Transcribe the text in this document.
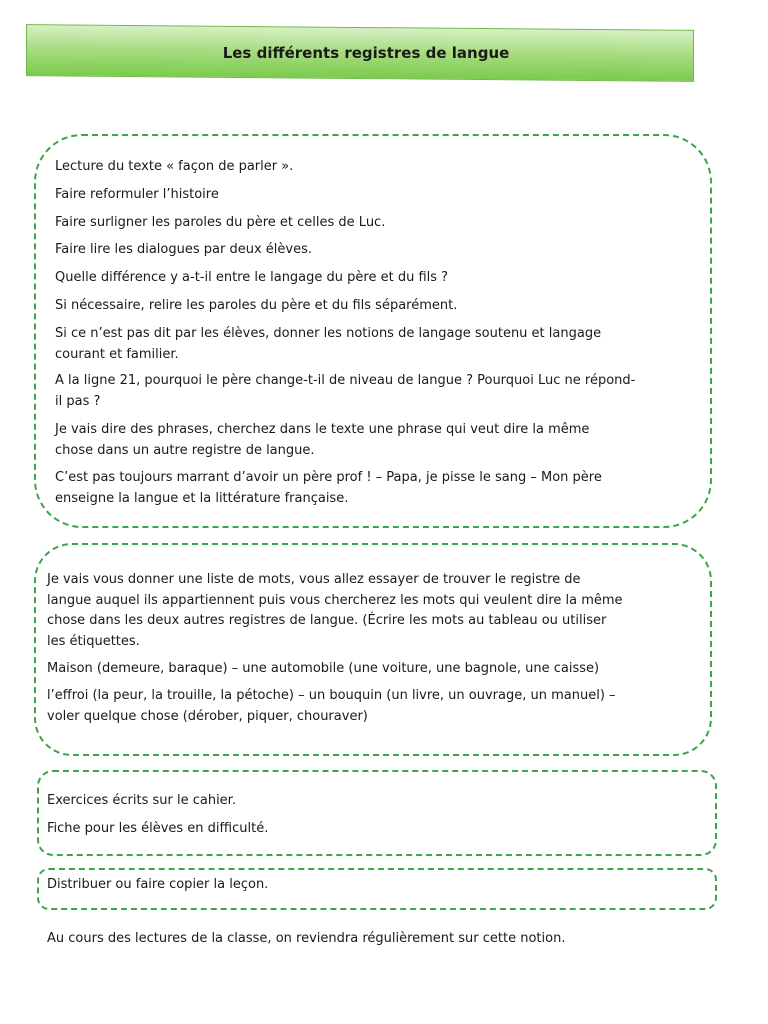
Les différents registres de langue
Lecture du texte « façon de parler ».
Faire reformuler l’histoire
Faire surligner les paroles du père et celles de Luc.
Faire lire les dialogues par deux élèves.
Quelle différence y a-t-il entre le langage du père et du fils ?
Si nécessaire, relire les paroles du père et du fils séparément.
Si ce n’est pas dit par les élèves, donner les notions de langage soutenu et langage
courant et familier.
A la ligne 21, pourquoi le père change-t-il de niveau de langue ? Pourquoi Luc ne répond-
il pas ?
Je vais dire des phrases, cherchez dans le texte une phrase qui veut dire la même
chose dans un autre registre de langue.
C’est pas toujours marrant d’avoir un père prof ! – Papa, je pisse le sang – Mon père
enseigne la langue et la littérature française.
Je vais vous donner une liste de mots, vous allez essayer de trouver le registre de
langue auquel ils appartiennent puis vous chercherez les mots qui veulent dire la même
chose dans les deux autres registres de langue. (Écrire les mots au tableau ou utiliser
les étiquettes.
Maison (demeure, baraque) – une automobile (une voiture, une bagnole, une caisse)
l’effroi (la peur, la trouille, la pétoche) – un bouquin (un livre, un ouvrage, un manuel) –
voler quelque chose (dérober, piquer, chouraver)
Exercices écrits sur le cahier.
Fiche pour les élèves en difficulté.
Distribuer ou faire copier la leçon.
Au cours des lectures de la classe, on reviendra régulièrement sur cette notion.
